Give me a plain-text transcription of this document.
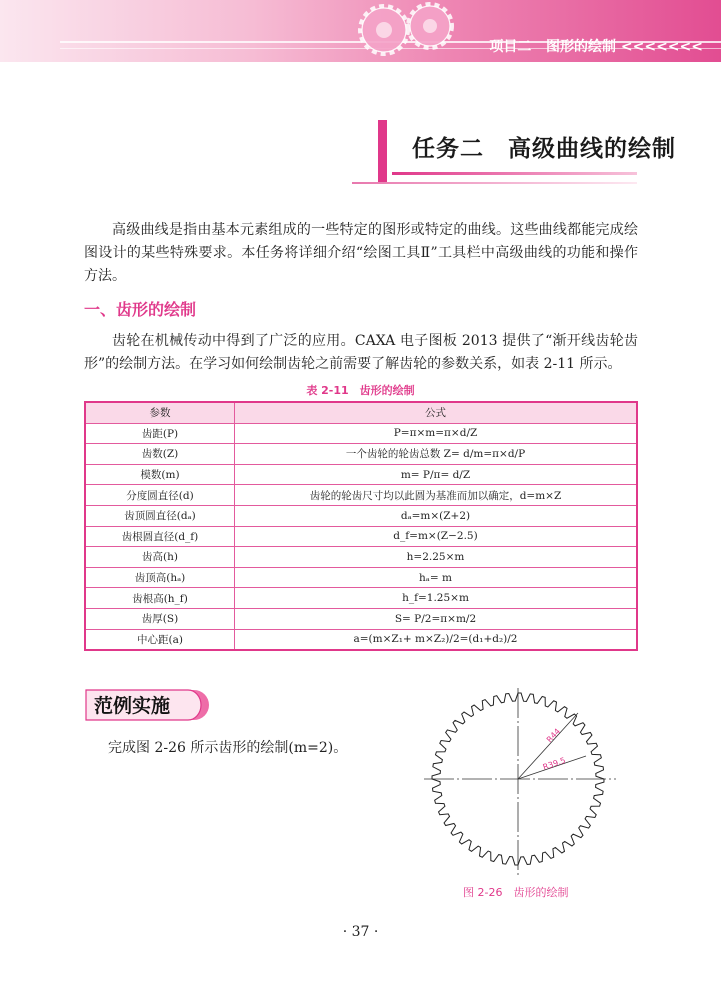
项目二 图形的绘制 <<<<<<<
任务二　高级曲线的绘制

高级曲线是指由基本元素组成的一些特定的图形或特定的曲线。这些曲线都能完成绘图设计的某些特殊要求。本任务将详细介绍“绘图工具Ⅱ”工具栏中高级曲线的功能和操作方法。

一、齿形的绘制

齿轮在机械传动中得到了广泛的应用。CAXA 电子图板 2013 提供了“渐开线齿轮齿形”的绘制方法。在学习如何绘制齿轮之前需要了解齿轮的参数关系，如表 2-11 所示。

表 2-11　齿形的绘制
参数	公式
齿距(P)	P=π×m=π×d/Z
齿数(Z)	一个齿轮的轮齿总数 Z= d/m=π×d/P
模数(m)	m= P/π= d/Z
分度圆直径(d)	齿轮的轮齿尺寸均以此圆为基准而加以确定，d=m×Z
齿顶圆直径(dₐ)	dₐ=m×(Z+2)
齿根圆直径(d_f)	d_f=m×(Z−2.5)
齿高(h)	h=2.25×m
齿顶高(hₐ)	hₐ= m
齿根高(h_f)	h_f=1.25×m
齿厚(S)	S= P/2=π×m/2
中心距(a)	a=(m×Z₁+ m×Z₂)/2=(d₁+d₂)/2
范例实施
完成图 2-26 所示齿形的绘制(m=2)。
R44
R39.5
图 2-26　齿形的绘制
· 37 ·
